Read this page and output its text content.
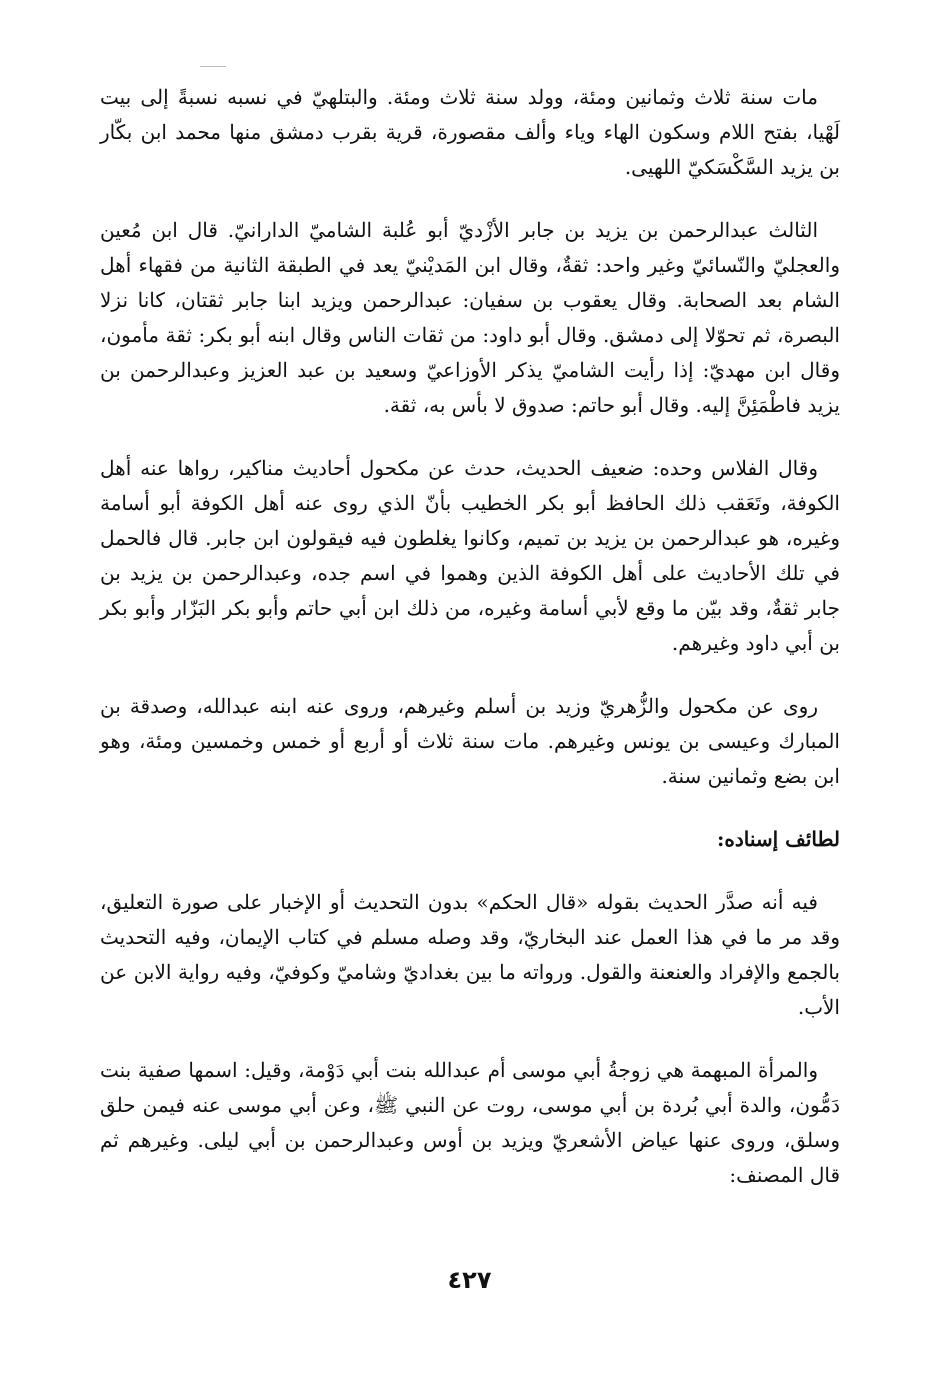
مات سنة ثلاث وثمانين ومئة، وولد سنة ثلاث ومئة. والبتلهيّ في نسبه نسبةً إلى بيت لَهْيا، بفتح اللام وسكون الهاء وياء وألف مقصورة، قرية بقرب دمشق منها محمد ابن بكّار بن يزيد السَّكْسَكيّ اللهيى.

الثالث عبدالرحمن بن يزيد بن جابر الأزْديّ أبو عُلبة الشاميّ الدارانيّ. قال ابن مُعين والعجليّ والنّسائيّ وغير واحد: ثقةٌ، وقال ابن المَديْنيّ يعد في الطبقة الثانية من فقهاء أهل الشام بعد الصحابة. وقال يعقوب بن سفيان: عبدالرحمن ويزيد ابنا جابر ثقتان، كانا نزلا البصرة، ثم تحوّلا إلى دمشق. وقال أبو داود: من ثقات الناس وقال ابنه أبو بكر: ثقة مأمون، وقال ابن مهديّ: إذا رأيت الشاميّ يذكر الأوزاعيّ وسعيد بن عبد العزيز وعبدالرحمن بن يزيد فاطْمَئِنَّ إليه. وقال أبو حاتم: صدوق لا بأس به، ثقة.

وقال الفلاس وحده: ضعيف الحديث، حدث عن مكحول أحاديث مناكير، رواها عنه أهل الكوفة، وتَعَقب ذلك الحافظ أبو بكر الخطيب بأنّ الذي روى عنه أهل الكوفة أبو أسامة وغيره، هو عبدالرحمن بن يزيد بن تميم، وكانوا يغلطون فيه فيقولون ابن جابر. قال فالحمل في تلك الأحاديث على أهل الكوفة الذين وهموا في اسم جده، وعبدالرحمن بن يزيد بن جابر ثقةٌ، وقد بيّن ما وقع لأبي أسامة وغيره، من ذلك ابن أبي حاتم وأبو بكر البَزّار وأبو بكر بن أبي داود وغيرهم.

روى عن مكحول والزُّهريّ وزيد بن أسلم وغيرهم، وروى عنه ابنه عبدالله، وصدقة بن المبارك وعيسى بن يونس وغيرهم. مات سنة ثلاث أو أربع أو خمس وخمسين ومئة، وهو ابن بضع وثمانين سنة.

لطائف إسناده:

فيه أنه صدَّر الحديث بقوله «قال الحكم» بدون التحديث أو الإخبار على صورة التعليق، وقد مر ما في هذا العمل عند البخاريّ، وقد وصله مسلم في كتاب الإيمان، وفيه التحديث بالجمع والإفراد والعنعنة والقول. ورواته ما بين بغداديّ وشاميّ وكوفيّ، وفيه رواية الابن عن الأب.

والمرأة المبهمة هي زوجةُ أبي موسى أم عبدالله بنت أبي دَوْمة، وقيل: اسمها صفية بنت دَمُّون، والدة أبي بُردة بن أبي موسى، روت عن النبي ﷺ، وعن أبي موسى عنه فيمن حلق وسلق، وروى عنها عياض الأشعريّ ويزيد بن أوس وعبدالرحمن بن أبي ليلى. وغيرهم ثم قال المصنف:

٤٢٧
